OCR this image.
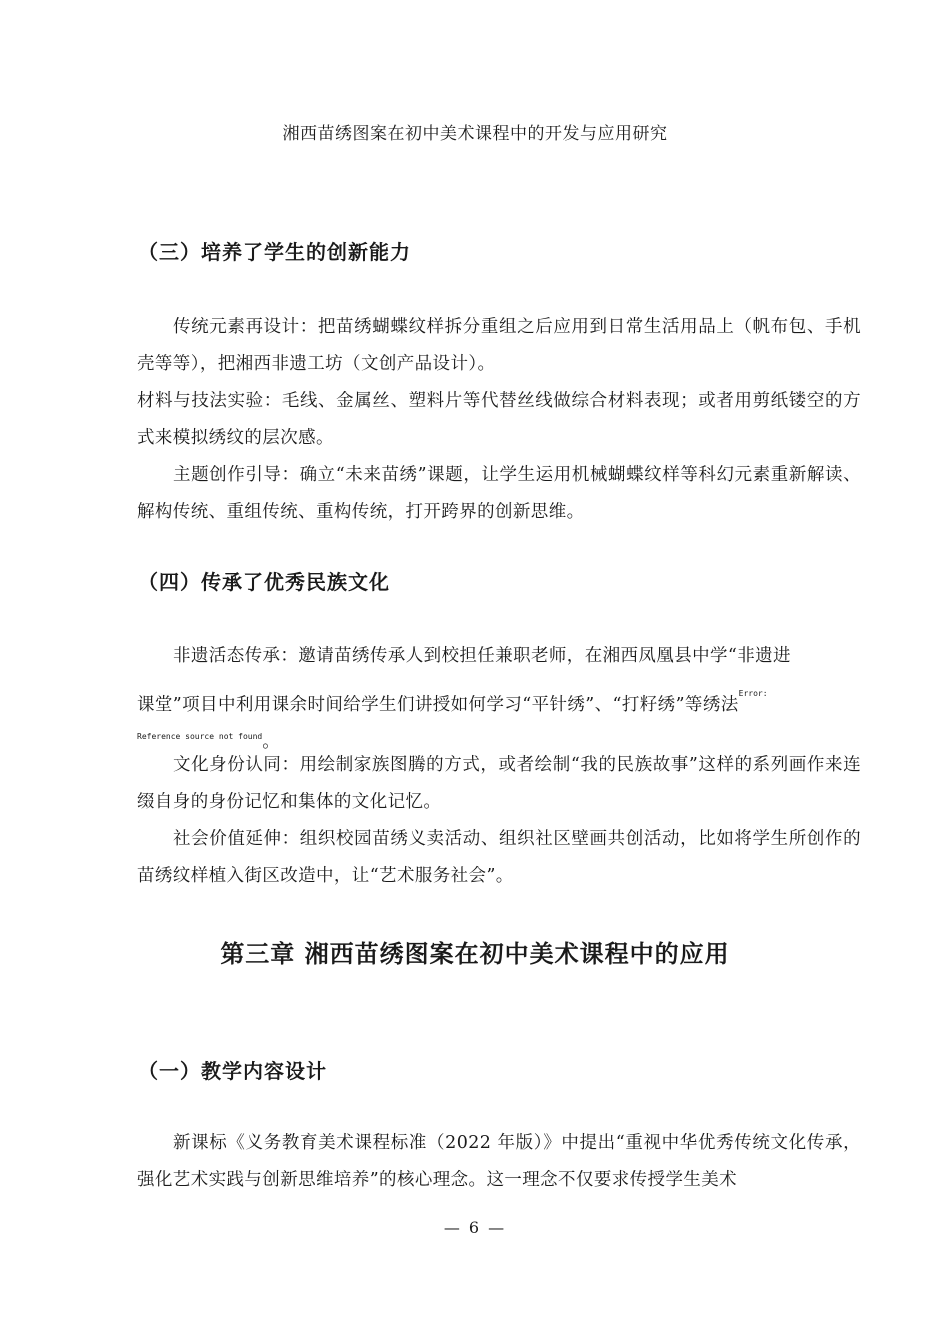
湘西苗绣图案在初中美术课程中的开发与应用研究
（三）培养了学生的创新能力
传统元素再设计：把苗绣蝴蝶纹样拆分重组之后应用到日常生活用品上（帆布包、手机壳等等），把湘西非遗工坊（文创产品设计）。
材料与技法实验：毛线、金属丝、塑料片等代替丝线做综合材料表现；或者用剪纸镂空的方式来模拟绣纹的层次感。
主题创作引导：确立“未来苗绣”课题，让学生运用机械蝴蝶纹样等科幻元素重新解读、解构传统、重组传统、重构传统，打开跨界的创新思维。
（四）传承了优秀民族文化
非遗活态传承：邀请苗绣传承人到校担任兼职老师，在湘西凤凰县中学“非遗进
课堂”项目中利用课余时间给学生们讲授如何学习“平针绣”、“打籽绣”等绣法$^{Error:}$
$^{Reference source not found}$。
文化身份认同：用绘制家族图腾的方式，或者绘制“我的民族故事”这样的系列画作来连缀自身的身份记忆和集体的文化记忆。
社会价值延伸：组织校园苗绣义卖活动、组织社区壁画共创活动，比如将学生所创作的苗绣纹样植入街区改造中，让“艺术服务社会”。
第三章 湘西苗绣图案在初中美术课程中的应用
（一）教学内容设计
新课标《义务教育美术课程标准（2022 年版）》中提出“重视中华优秀传统文化传承，强化艺术实践与创新思维培养”的核心理念。这一理念不仅要求传授学生美术
— 6 —
